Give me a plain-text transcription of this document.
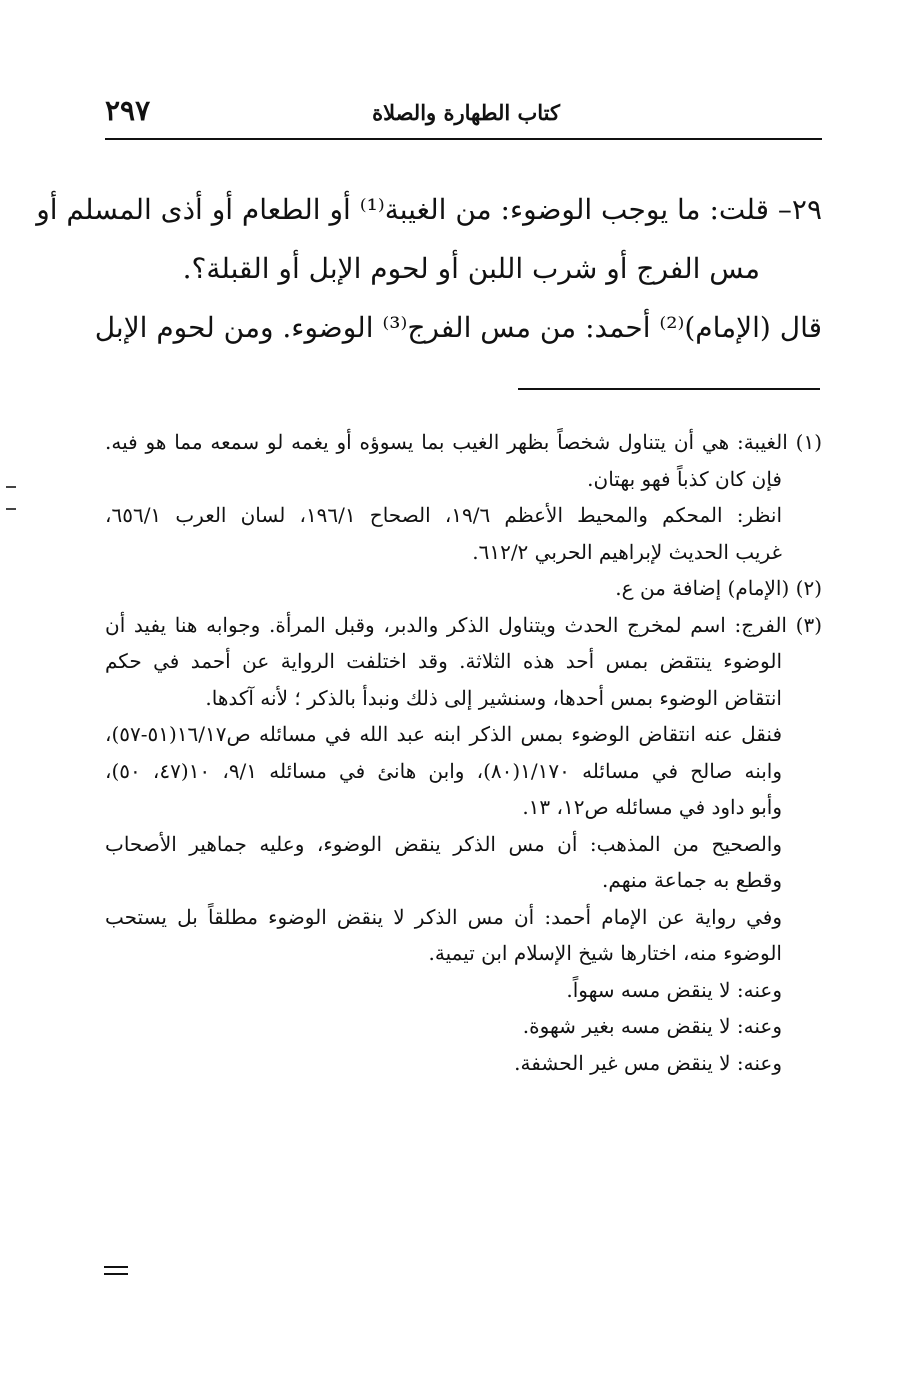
كتاب الطهارة والصلاة
٢٩٧
٢٩– قلت: ما يوجب الوضوء: من الغيبة⁽¹⁾ أو الطعام أو أذى المسلم أو
مس الفرج أو شرب اللبن أو لحوم الإبل أو القبلة؟.
قال (الإمام)⁽²⁾ أحمد: من مس الفرج⁽³⁾ الوضوء. ومن لحوم الإبل
(١) الغيبة: هي أن يتناول شخصاً بظهر الغيب بما يسوؤه أو يغمه لو سمعه مما هو فيه.
فإن كان كذباً فهو بهتان.
انظر: المحكم والمحيط الأعظم ١٩/٦، الصحاح ١٩٦/١، لسان العرب ٦٥٦/١،
غريب الحديث لإبراهيم الحربي ٦١٢/٢.
(٢) (الإمام) إضافة من ع.
(٣) الفرج: اسم لمخرج الحدث ويتناول الذكر والدبر، وقبل المرأة. وجوابه هنا يفيد أن
الوضوء ينتقض بمس أحد هذه الثلاثة. وقد اختلفت الرواية عن أحمد في حكم
انتقاض الوضوء بمس أحدها، وسنشير إلى ذلك ونبدأ بالذكر ؛ لأنه آكدها.
فنقل عنه انتقاض الوضوء بمس الذكر ابنه عبد الله في مسائله ص١٦/١٧(٥١-٥٧)،
وابنه صالح في مسائله ١/١٧٠(٨٠)، وابن هانئ في مسائله ٩/١، ١٠(٤٧، ٥٠)،
وأبو داود في مسائله ص١٢، ١٣.
والصحيح من المذهب: أن مس الذكر ينقض الوضوء، وعليه جماهير الأصحاب
وقطع به جماعة منهم.
وفي رواية عن الإمام أحمد: أن مس الذكر لا ينقض الوضوء مطلقاً بل يستحب
الوضوء منه، اختارها شيخ الإسلام ابن تيمية.
وعنه: لا ينقض مسه سهواً.
وعنه: لا ينقض مسه بغير شهوة.
وعنه: لا ينقض مس غير الحشفة.
